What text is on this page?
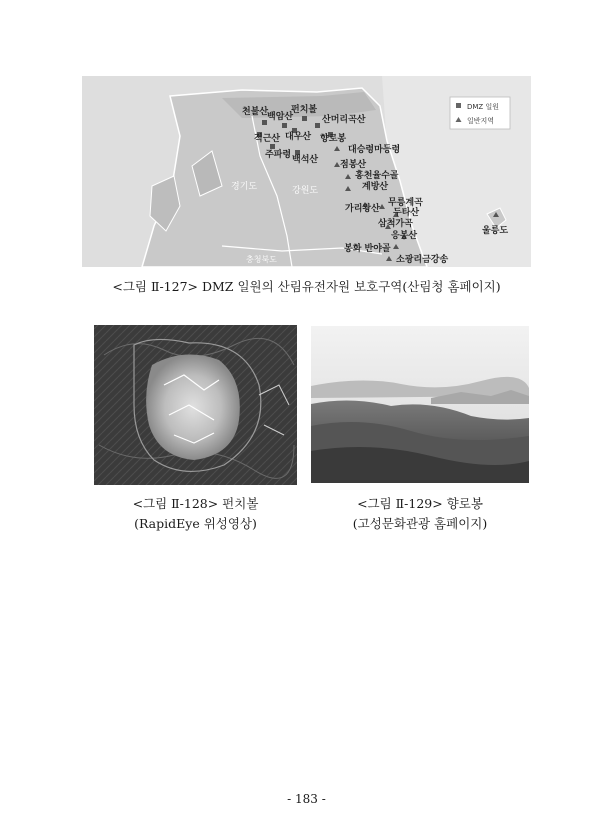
경기도	강원도
충청북도
DMZ 일원
일반지역
천불산
백암산
펀치볼
산머리곡산
적근산 대우산 향로봉
주파령 백석산
대승령마등령
점봉산
홍천율수골
계방산
가리왕산
무릉계곡
두타산
삼척가곡
응봉산
봉화 반야골
소광리금강송
울릉도
<그림 Ⅱ-127> DMZ 일원의 산림유전자원 보호구역(산림청 홈페이지)
<그림 Ⅱ-128> 펀치볼
(RapidEye 위성영상)
<그림 Ⅱ-129> 향로봉
(고성문화관광 홈페이지)
- 183 -
